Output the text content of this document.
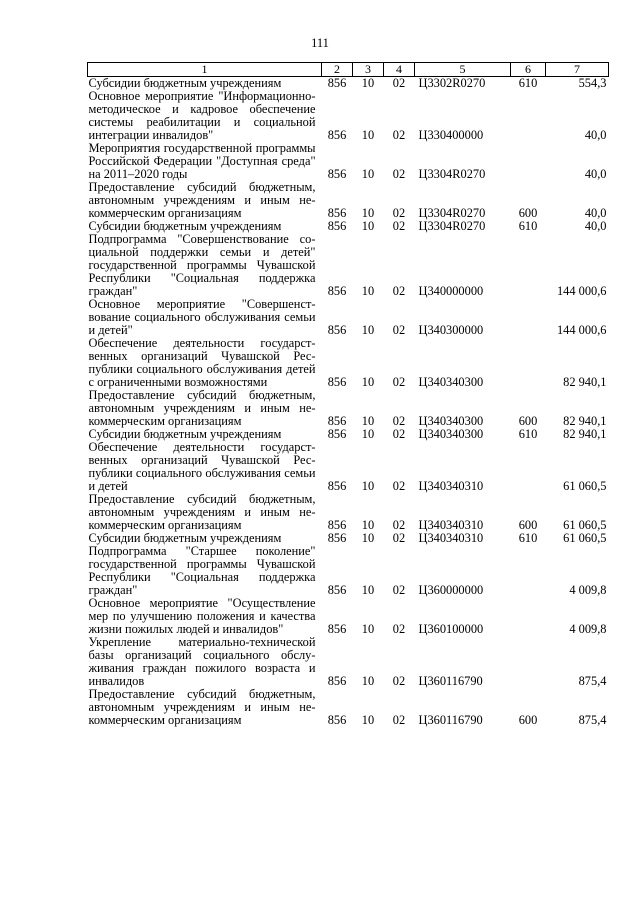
111
1	2	3	4	5	6	7
Субсидии бюджетным учреждениям	856	10	02	Ц3302R0270	610	554,3
Основное мероприятие "Информационно-методическое и кадровое обеспечение системы реабилитации и социальной интеграции инвалидов"	856	10	02	Ц330400000		40,0
Мероприятия государственной программы Российской Федерации "Доступная среда" на 2011–2020 годы	856	10	02	Ц3304R0270		40,0
Предоставление субсидий бюджетным, автономным учреждениям и иным некоммерческим организациям	856	10	02	Ц3304R0270	600	40,0
Субсидии бюджетным учреждениям	856	10	02	Ц3304R0270	610	40,0
Подпрограмма "Совершенствование социальной поддержки семьи и детей" государственной программы Чувашской Республики "Социальная поддержка граждан"	856	10	02	Ц340000000		144 000,6
Основное мероприятие "Совершенствование социального обслуживания семьи и детей"	856	10	02	Ц340300000		144 000,6
Обеспечение деятельности государственных организаций Чувашской Республики социального обслуживания детей с ограниченными возможностями	856	10	02	Ц340340300		82 940,1
Предоставление субсидий бюджетным, автономным учреждениям и иным некоммерческим организациям	856	10	02	Ц340340300	600	82 940,1
Субсидии бюджетным учреждениям	856	10	02	Ц340340300	610	82 940,1
Обеспечение деятельности государственных организаций Чувашской Республики социального обслуживания семьи и детей	856	10	02	Ц340340310		61 060,5
Предоставление субсидий бюджетным, автономным учреждениям и иным некоммерческим организациям	856	10	02	Ц340340310	600	61 060,5
Субсидии бюджетным учреждениям	856	10	02	Ц340340310	610	61 060,5
Подпрограмма "Старшее поколение" государственной программы Чувашской Республики "Социальная поддержка граждан"	856	10	02	Ц360000000		4 009,8
Основное мероприятие "Осуществление мер по улучшению положения и качества жизни пожилых людей и инвалидов"	856	10	02	Ц360100000		4 009,8
Укрепление материально-технической базы организаций социального обслуживания граждан пожилого возраста и инвалидов	856	10	02	Ц360116790		875,4
Предоставление субсидий бюджетным, автономным учреждениям и иным некоммерческим организациям	856	10	02	Ц360116790	600	875,4
